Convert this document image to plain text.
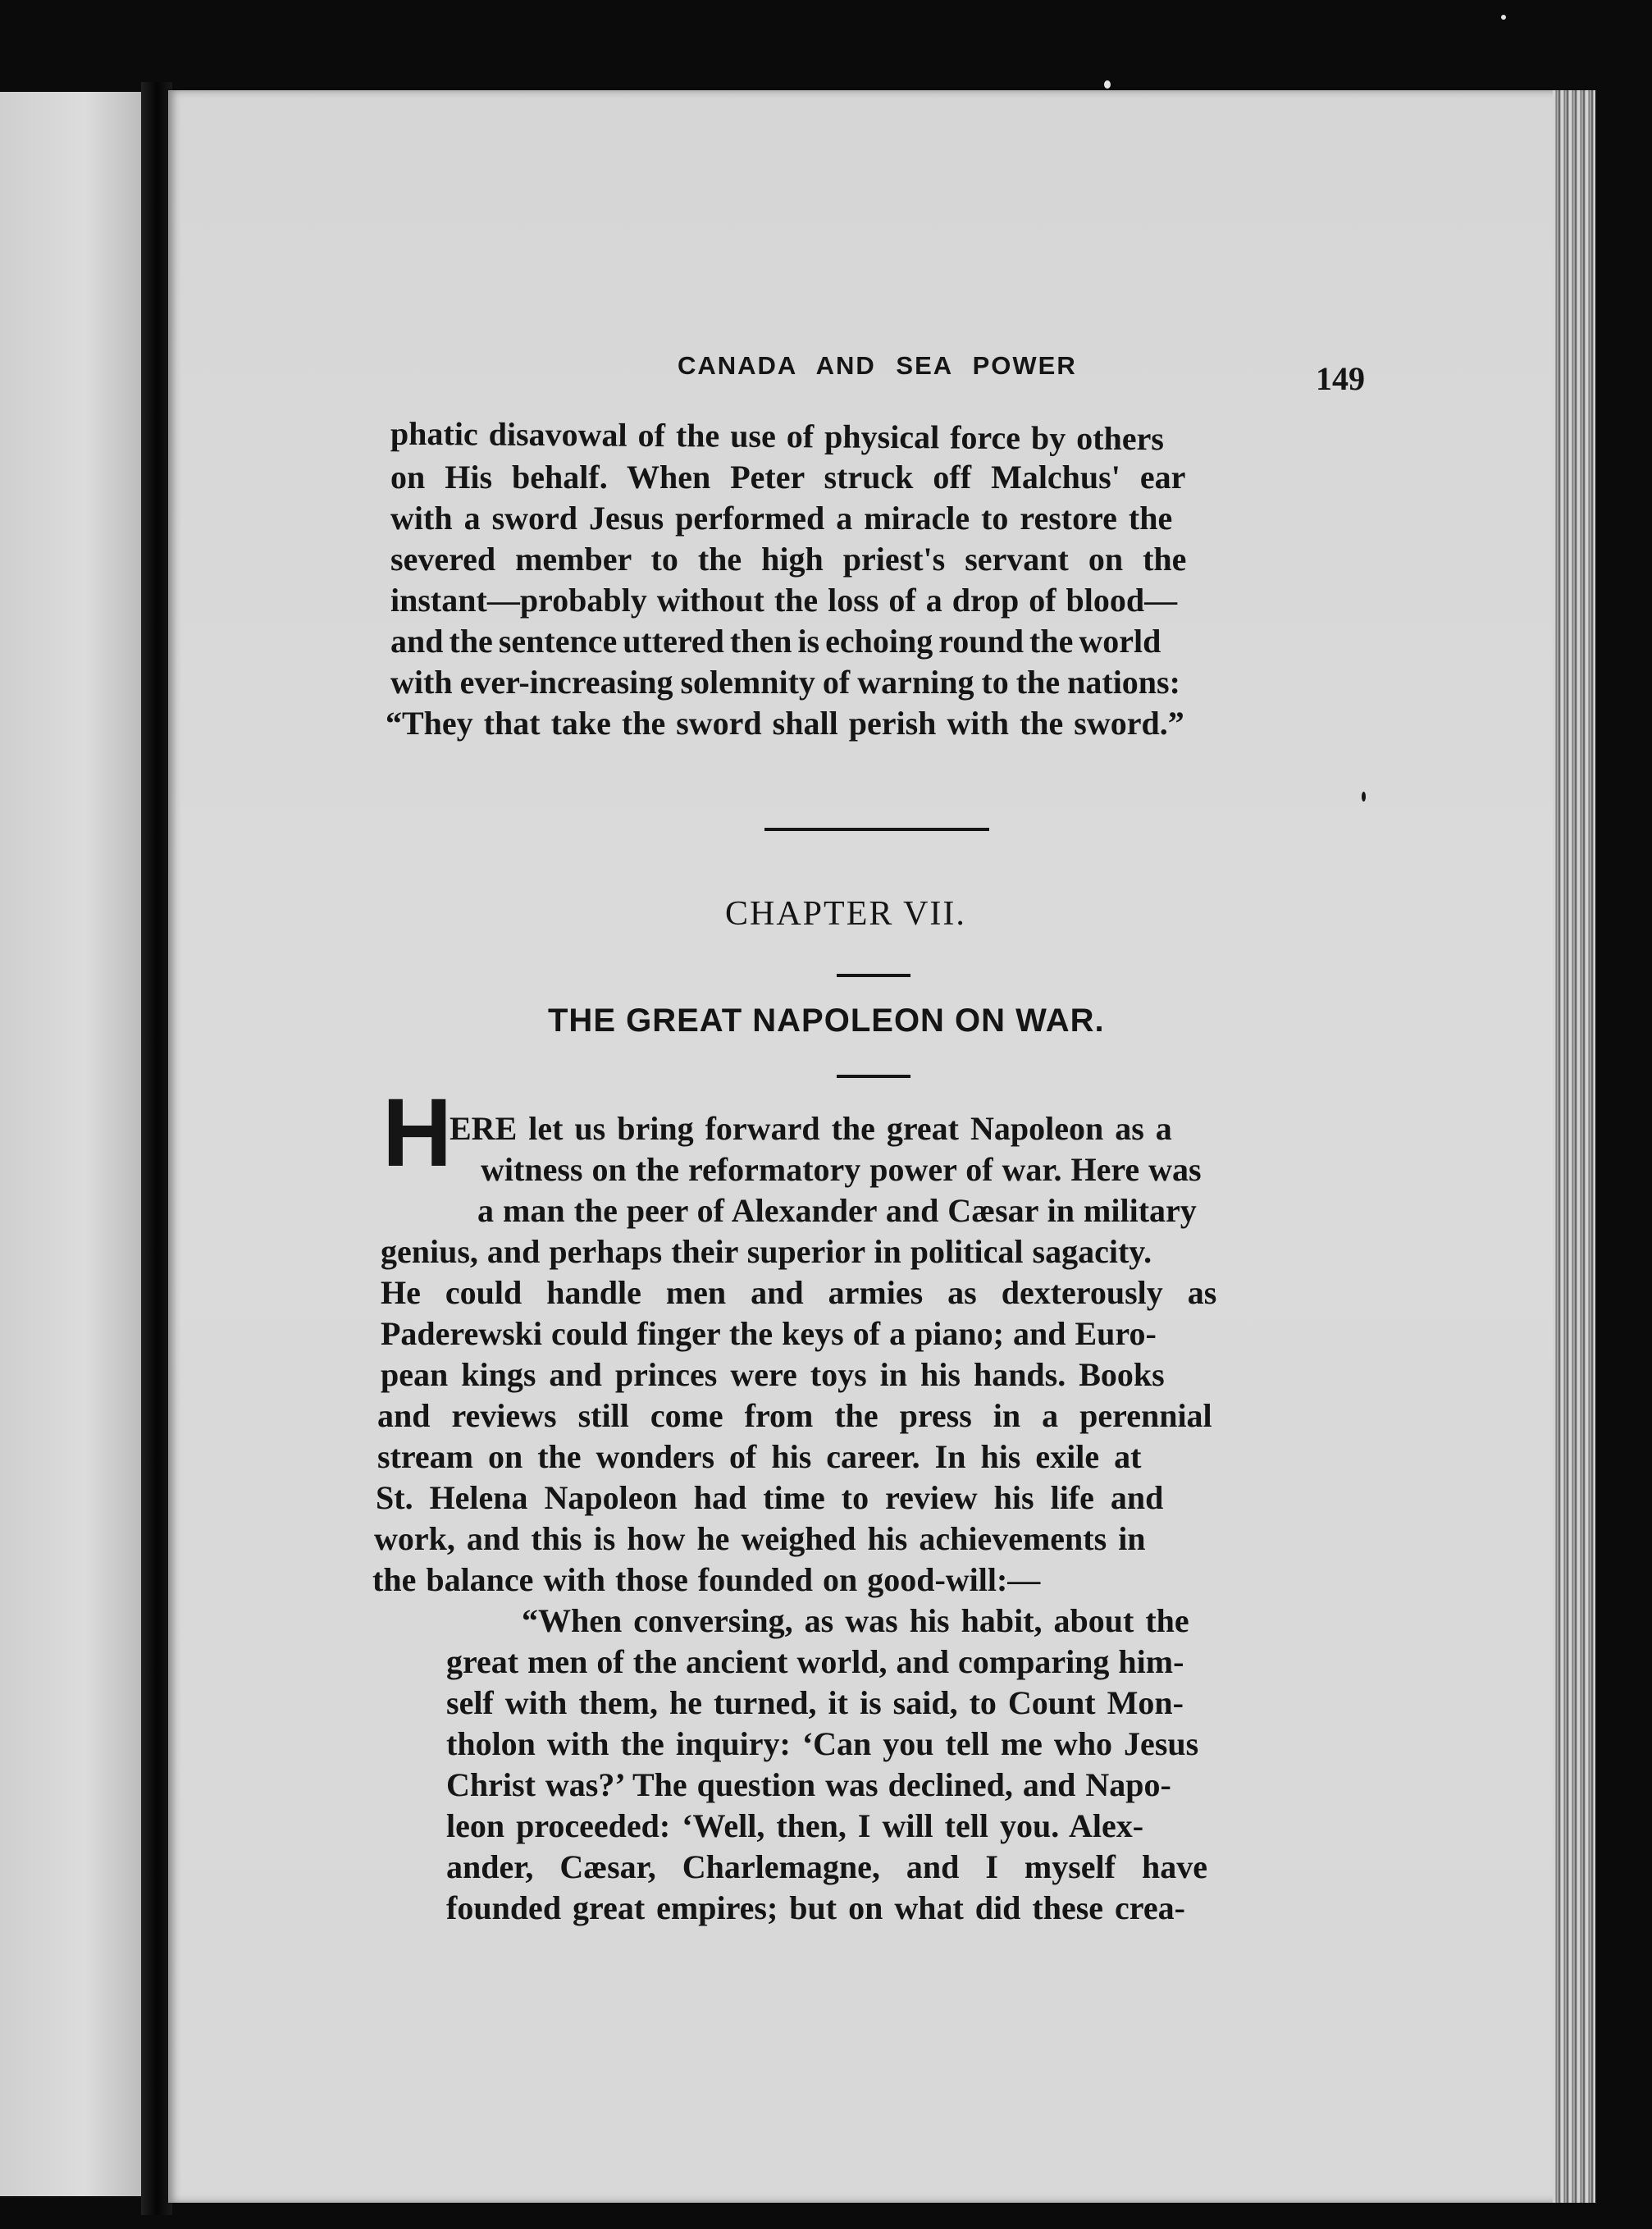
CANADA AND SEA POWER	149
phatic disavowal of the use of physical force by others
on His behalf. When Peter struck off Malchus' ear
with a sword Jesus performed a miracle to restore the
severed member to the high priest's servant on the
instant—probably without the loss of a drop of blood—
and the sentence uttered then is echoing round the world
with ever-increasing solemnity of warning to the nations:
“They that take the sword shall perish with the sword.”
CHAPTER VII.
THE GREAT NAPOLEON ON WAR.
H
ERE let us bring forward the great Napoleon as a
witness on the reformatory power of war. Here was
a man the peer of Alexander and Cæsar in military
genius, and perhaps their superior in political sagacity.
He could handle men and armies as dexterously as
Paderewski could finger the keys of a piano; and Euro-
pean kings and princes were toys in his hands. Books
and reviews still come from the press in a perennial
stream on the wonders of his career. In his exile at
St. Helena Napoleon had time to review his life and
work, and this is how he weighed his achievements in
the balance with those founded on good-will:—
“When conversing, as was his habit, about the
great men of the ancient world, and comparing him-
self with them, he turned, it is said, to Count Mon-
tholon with the inquiry: ‘Can you tell me who Jesus
Christ was?’ The question was declined, and Napo-
leon proceeded: ‘Well, then, I will tell you. Alex-
ander, Cæsar, Charlemagne, and I myself have
founded great empires; but on what did these crea-
